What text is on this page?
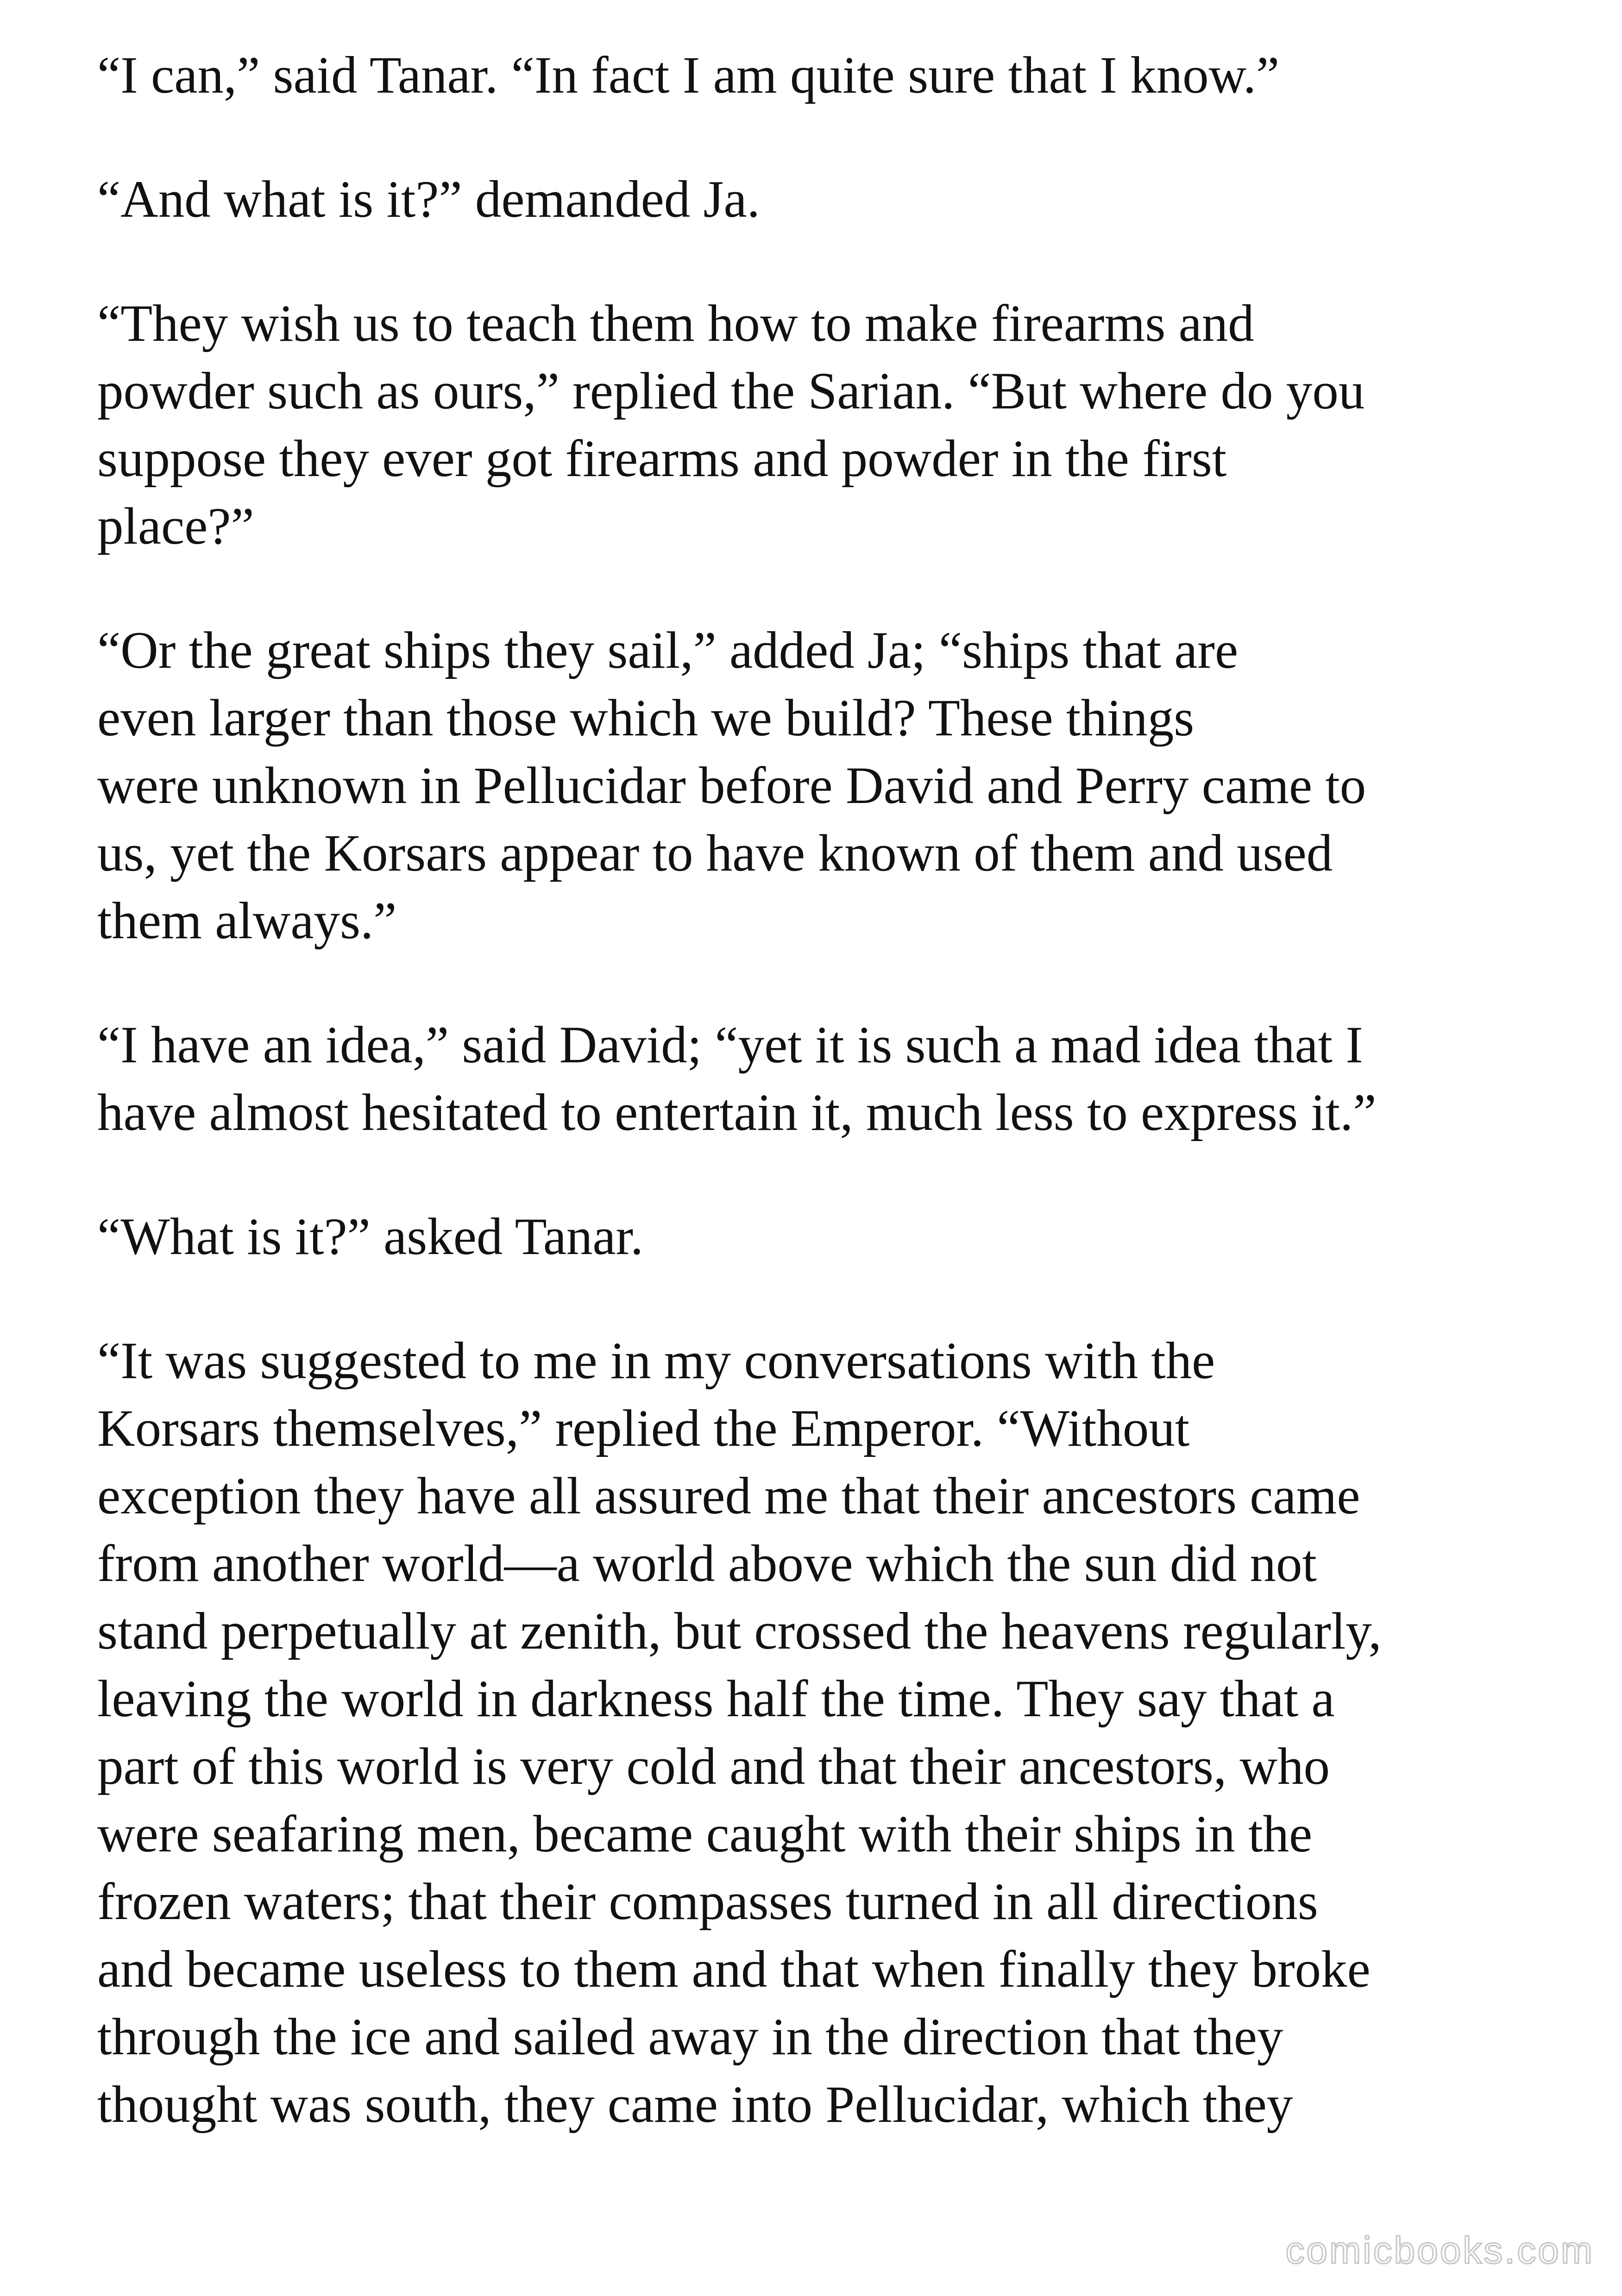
“I can,” said Tanar. “In fact I am quite sure that I know.”
“And what is it?” demanded Ja.
“They wish us to teach them how to make firearms and
powder such as ours,” replied the Sarian. “But where do you
suppose they ever got firearms and powder in the first
place?”
“Or the great ships they sail,” added Ja; “ships that are
even larger than those which we build? These things
were unknown in Pellucidar before David and Perry came to
us, yet the Korsars appear to have known of them and used
them always.”
“I have an idea,” said David; “yet it is such a mad idea that I
have almost hesitated to entertain it, much less to express it.”
“What is it?” asked Tanar.
“It was suggested to me in my conversations with the
Korsars themselves,” replied the Emperor. “Without
exception they have all assured me that their ancestors came
from another world—a world above which the sun did not
stand perpetually at zenith, but crossed the heavens regularly,
leaving the world in darkness half the time. They say that a
part of this world is very cold and that their ancestors, who
were seafaring men, became caught with their ships in the
frozen waters; that their compasses turned in all directions
and became useless to them and that when finally they broke
through the ice and sailed away in the direction that they
thought was south, they came into Pellucidar, which they
comicbooks.com
